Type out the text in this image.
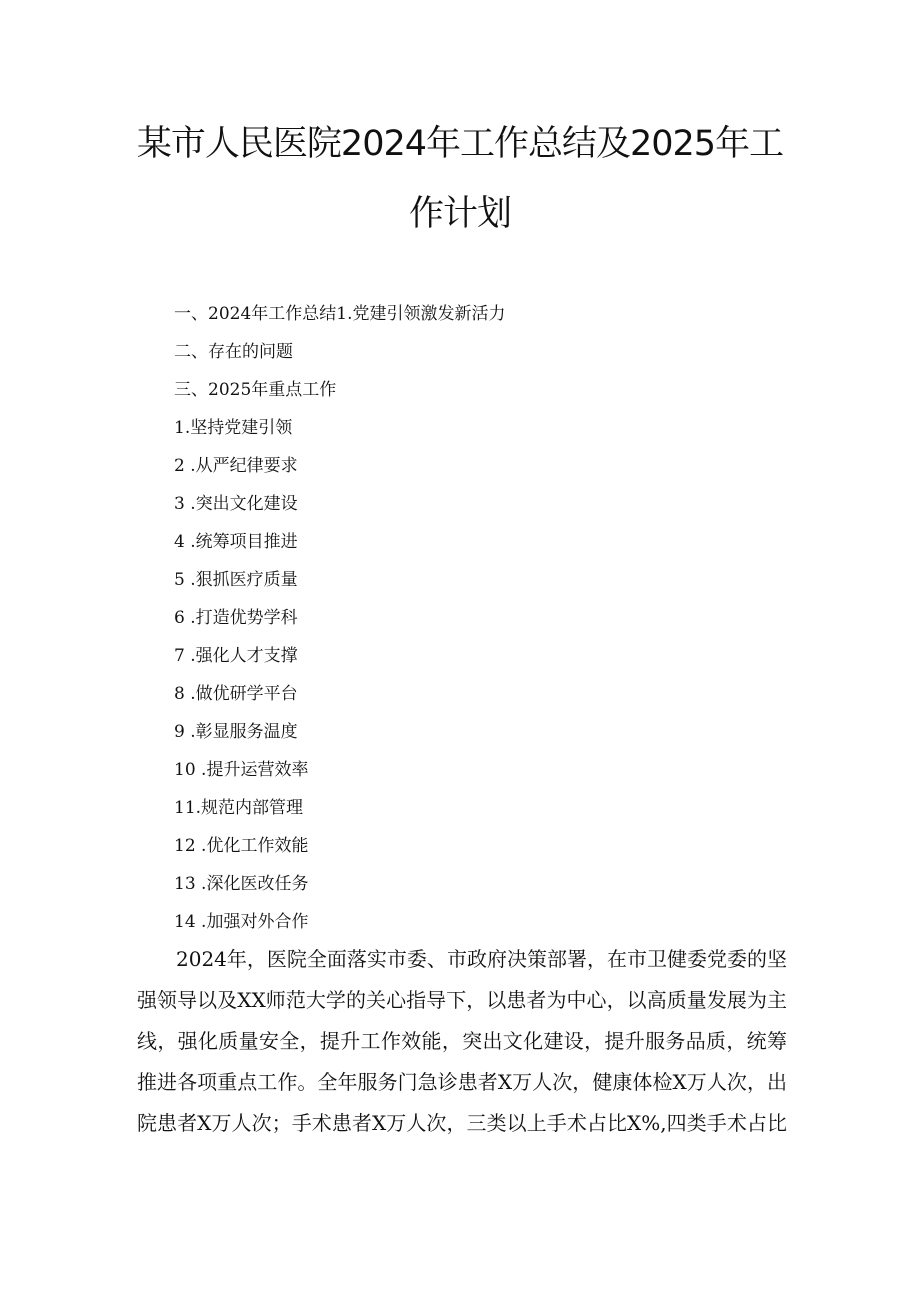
某市人民医院2024年工作总结及2025年工
作计划
一、2024年工作总结1.党建引领激发新活力
二、存在的问题
三、2025年重点工作
1.坚持党建引领
2 .从严纪律要求
3 .突出文化建设
4 .统筹项目推进
5 .狠抓医疗质量
6 .打造优势学科
7 .强化人才支撑
8 .做优研学平台
9 .彰显服务温度
10 .提升运营效率
11.规范内部管理
12 .优化工作效能
13 .深化医改任务
14 .加强对外合作
2024年，医院全面落实市委、市政府决策部署，在市卫健委党委的坚
强领导以及XX师范大学的关心指导下，以患者为中心，以高质量发展为主
线，强化质量安全，提升工作效能，突出文化建设，提升服务品质，统筹
推进各项重点工作。全年服务门急诊患者X万人次，健康体检X万人次，出
院患者X万人次；手术患者X万人次，三类以上手术占比X%,四类手术占比
